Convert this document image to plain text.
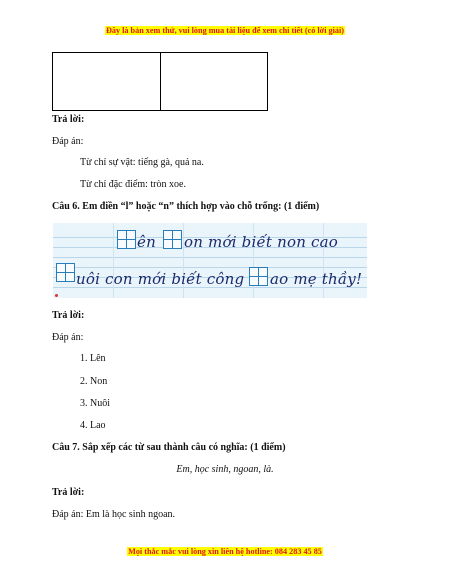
Đây là bản xem thử, vui lòng mua tài liệu để xem chi tiết (có lời giải)

Trả lời:
Đáp án:
Từ chỉ sự vật: tiếng gà, quả na.
Từ chỉ đặc điểm: tròn xoe.
Câu 6. Em điền “l” hoặc “n” thích hợp vào chỗ trống: (1 điểm)
ên on mới biết non cao
uôi con mới biết công ao mẹ thầy!
Trả lời:
Đáp án:
1. Lên
2. Non
3. Nuôi
4. Lao
Câu 7. Sắp xếp các từ sau thành câu có nghĩa: (1 điểm)
Em, học sinh, ngoan, là.
Trả lời:
Đáp án: Em là học sinh ngoan.
Mọi thắc mắc vui lòng xin liên hệ hotline: 084 283 45 85
